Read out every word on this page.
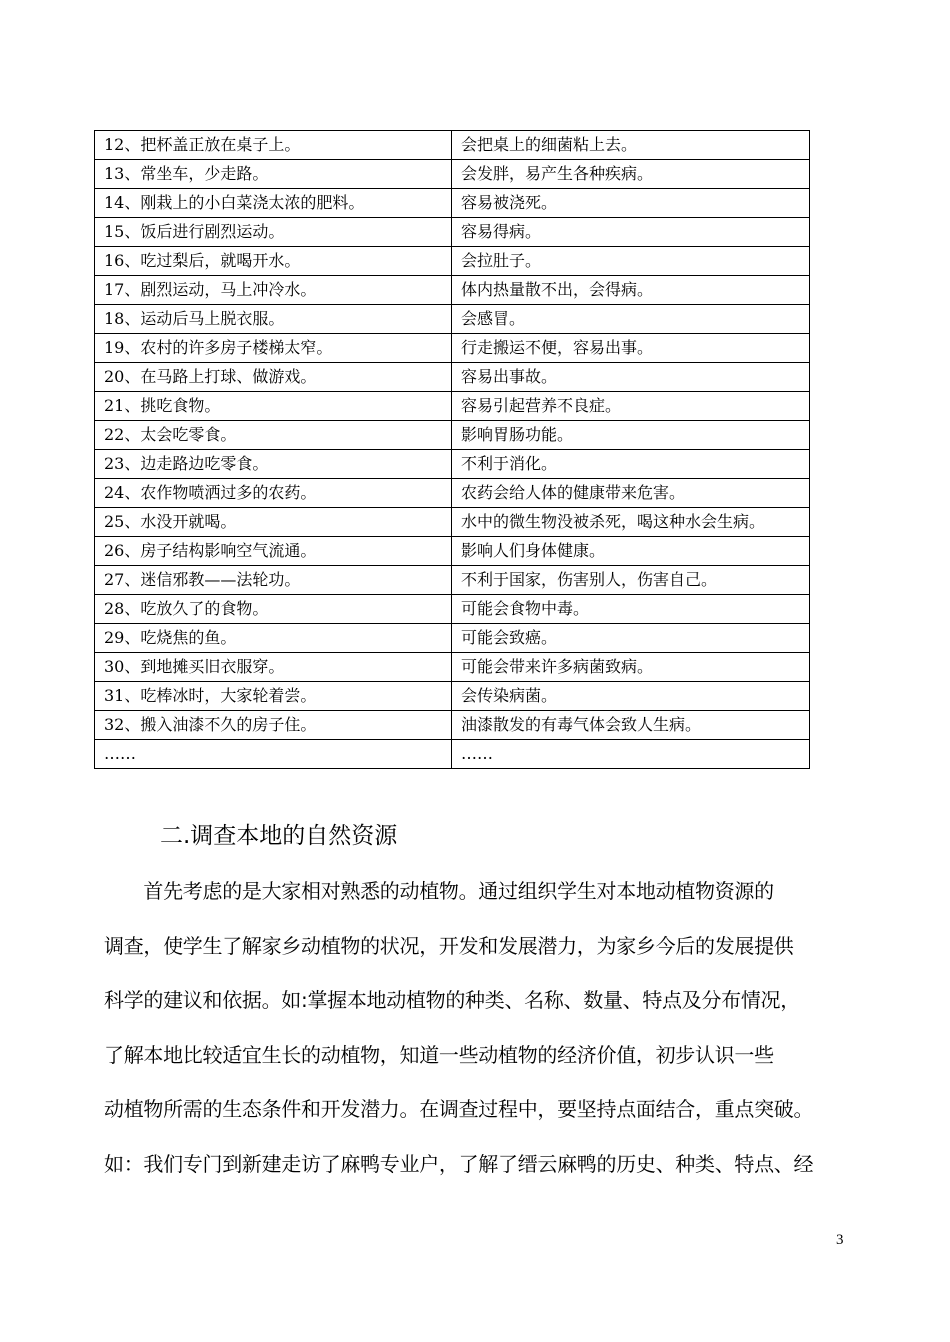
12、把杯盖正放在桌子上。	会把桌上的细菌粘上去。
13、常坐车，少走路。	会发胖，易产生各种疾病。
14、刚栽上的小白菜浇太浓的肥料。	容易被浇死。
15、饭后进行剧烈运动。	容易得病。
16、吃过梨后，就喝开水。	会拉肚子。
17、剧烈运动，马上冲冷水。	体内热量散不出，会得病。
18、运动后马上脱衣服。	会感冒。
19、农村的许多房子楼梯太窄。	行走搬运不便，容易出事。
20、在马路上打球、做游戏。	容易出事故。
21、挑吃食物。	容易引起营养不良症。
22、太会吃零食。	影响胃肠功能。
23、边走路边吃零食。	不利于消化。
24、农作物喷洒过多的农药。	农药会给人体的健康带来危害。
25、水没开就喝。	水中的微生物没被杀死，喝这种水会生病。
26、房子结构影响空气流通。	影响人们身体健康。
27、迷信邪教——法轮功。	不利于国家，伤害别人，伤害自己。
28、吃放久了的食物。	可能会食物中毒。
29、吃烧焦的鱼。	可能会致癌。
30、到地摊买旧衣服穿。	可能会带来许多病菌致病。
31、吃棒冰时，大家轮着尝。	会传染病菌。
32、搬入油漆不久的房子住。	油漆散发的有毒气体会致人生病。
……	……
二.调查本地的自然资源

　　首先考虑的是大家相对熟悉的动植物。通过组织学生对本地动植物资源的
调查，使学生了解家乡动植物的状况，开发和发展潜力，为家乡今后的发展提供
科学的建议和依据。如:掌握本地动植物的种类、名称、数量、特点及分布情况，
了解本地比较适宜生长的动植物，知道一些动植物的经济价值，初步认识一些
动植物所需的生态条件和开发潜力。在调查过程中，要坚持点面结合，重点突破。
如：我们专门到新建走访了麻鸭专业户，了解了缙云麻鸭的历史、种类、特点、经

3
